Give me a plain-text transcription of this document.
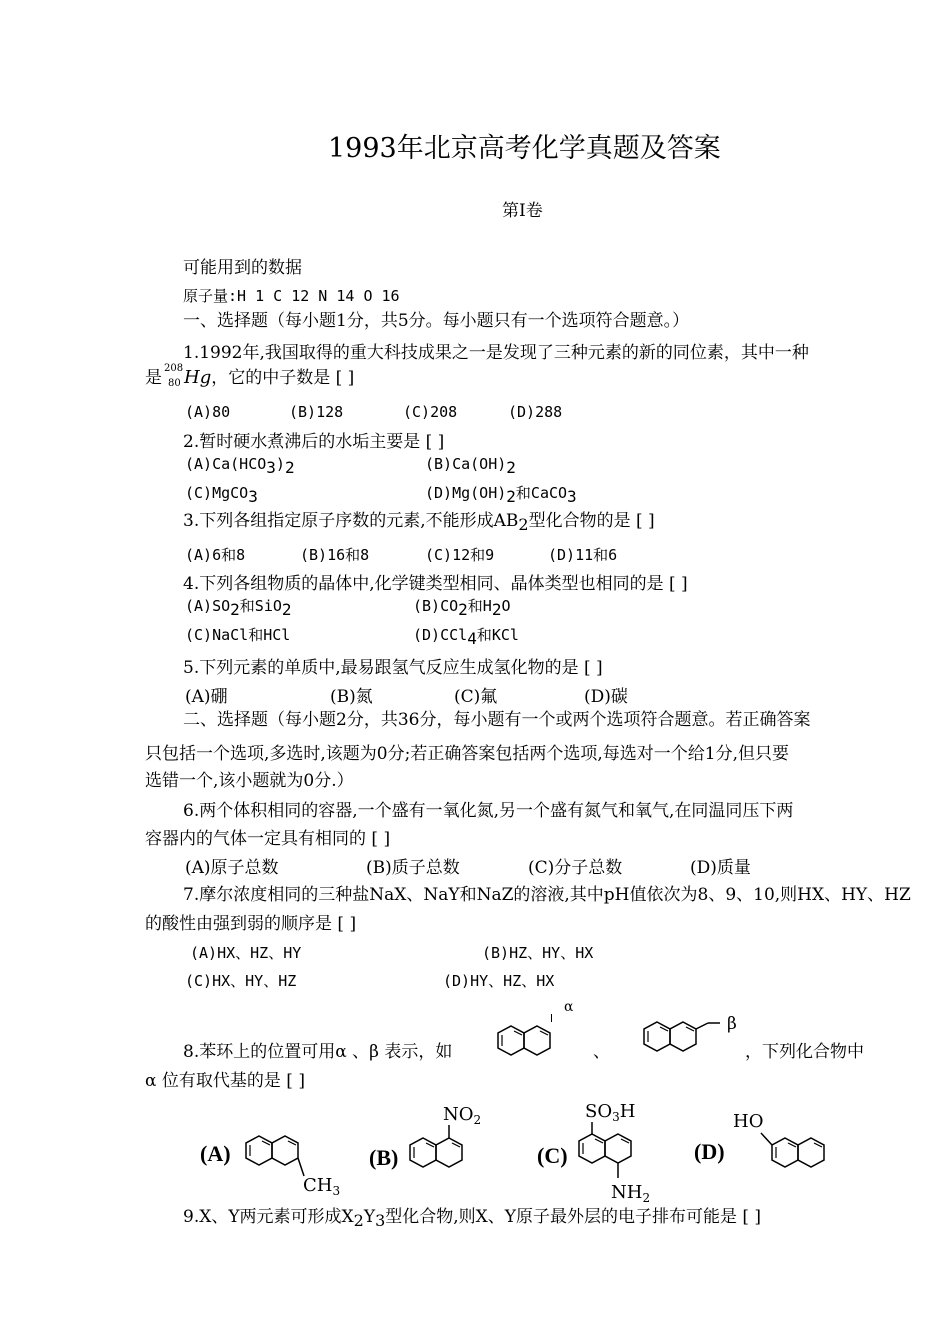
1993年北京高考化学真题及答案
第Ⅰ卷
可能用到的数据
原子量:H 1 C 12 N 14 O 16
一、选择题（每小题1分，共5分。每小题只有一个选项符合题意。）
1.1992年,我国取得的重大科技成果之一是发现了三种元素的新的同位素，其中一种
是 208
80 Hg，它的中子数是 [ ]
(A)80	(B)128	(C)208	(D)288
2.暂时硬水煮沸后的水垢主要是 [ ]
(A)Ca(HCO3)2	(B)Ca(OH)2
(C)MgCO3	(D)Mg(OH)2和CaCO3
3.下列各组指定原子序数的元素,不能形成AB2型化合物的是 [ ]
(A)6和8	(B)16和8	(C)12和9	(D)11和6
4.下列各组物质的晶体中,化学键类型相同、晶体类型也相同的是 [ ]
(A)SO2和SiO2	(B)CO2和H2O
(C)NaCl和HCl	(D)CCl4和KCl
5.下列元素的单质中,最易跟氢气反应生成氢化物的是 [ ]
(A)硼	(B)氮	(C)氟	(D)碳
二、选择题（每小题2分，共36分，每小题有一个或两个选项符合题意。若正确答案
只包括一个选项,多选时,该题为0分;若正确答案包括两个选项,每选对一个给1分,但只要
选错一个,该小题就为0分.）
6.两个体积相同的容器,一个盛有一氧化氮,另一个盛有氮气和氧气,在同温同压下两
容器内的气体一定具有相同的 [ ]
(A)原子总数	(B)质子总数	(C)分子总数	(D)质量
7.摩尔浓度相同的三种盐NaX、NaY和NaZ的溶液,其中pH值依次为8、9、10,则HX、HY、HZ
的酸性由强到弱的顺序是 [ ]
(A)HX、HZ、HY	(B)HZ、HY、HX
(C)HX、HY、HZ	(D)HY、HZ、HX
8.苯环上的位置可用α 、β 表示，如	、	，下列化合物中
α 位有取代基的是 [ ]
α
β
(A)
$CH_3$
(B)
$NO_2$
(C)
$SO_3H$
$NH_2$
(D)
HO
9.X、Y两元素可形成X2Y3型化合物,则X、Y原子最外层的电子排布可能是 [ ]
